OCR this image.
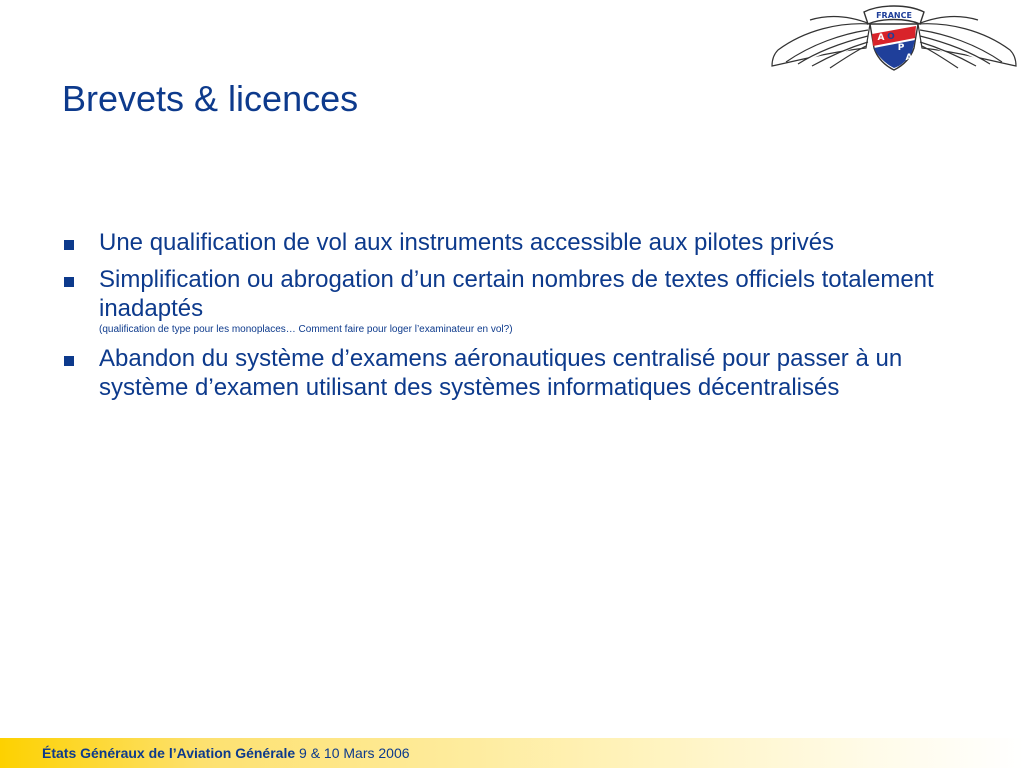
FRANCE
A O
P
A
Brevets & licences
Une qualification de vol aux instruments accessible aux pilotes privés
Simplification ou abrogation d’un certain nombres de textes officiels totalement inadaptés
(qualification de type pour les monoplaces… Comment faire pour loger l’examinateur en vol?)
Abandon du système d’examens aéronautiques centralisé pour passer à un système d’examen utilisant des systèmes informatiques décentralisés
États Généraux de l’Aviation Générale 9 & 10 Mars 2006
